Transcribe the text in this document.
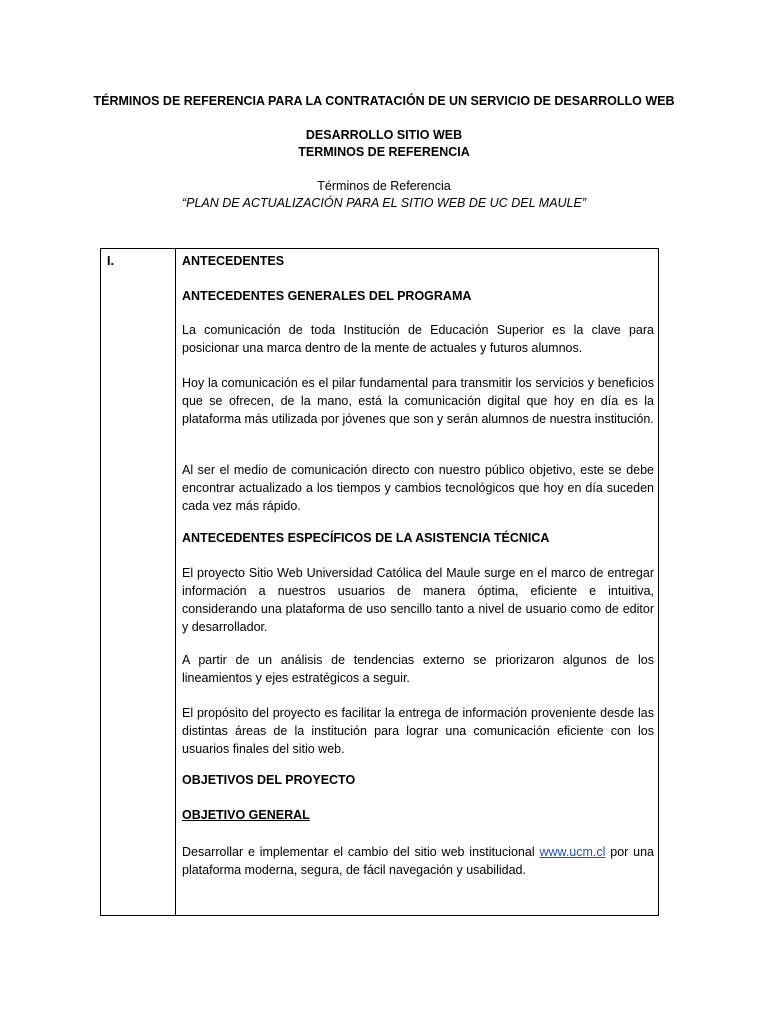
TÉRMINOS DE REFERENCIA PARA LA CONTRATACIÓN DE UN SERVICIO DE DESARROLLO WEB
DESARROLLO SITIO WEB
TERMINOS DE REFERENCIA
Términos de Referencia
“PLAN DE ACTUALIZACIÓN PARA EL SITIO WEB DE UC DEL MAULE”
I.	ANTECEDENTES
ANTECEDENTES GENERALES DEL PROGRAMA
La comunicación de toda Institución de Educación Superior es la clave para posicionar una marca dentro de la mente de actuales y futuros alumnos.
Hoy la comunicación es el pilar fundamental para transmitir los servicios y beneficios que se ofrecen, de la mano, está la comunicación digital que hoy en día es la plataforma más utilizada por jóvenes que son y serán alumnos de nuestra institución.
Al ser el medio de comunicación directo con nuestro público objetivo, este se debe encontrar actualizado a los tiempos y cambios tecnológicos que hoy en día suceden cada vez más rápido.
ANTECEDENTES ESPECÍFICOS DE LA ASISTENCIA TÉCNICA
El proyecto Sitio Web Universidad Católica del Maule surge en el marco de entregar información a nuestros usuarios de manera óptima, eficiente e intuitiva, considerando una plataforma de uso sencillo tanto a nivel de usuario como de editor y desarrollador.
A partir de un análisis de tendencias externo se priorizaron algunos de los lineamientos y ejes estratégicos a seguir.
El propósito del proyecto es facilitar la entrega de información proveniente desde las distintas áreas de la institución para lograr una comunicación eficiente con los usuarios finales del sitio web.
OBJETIVOS DEL PROYECTO
OBJETIVO GENERAL
Desarrollar e implementar el cambio del sitio web institucional www.ucm.cl por una plataforma moderna, segura, de fácil navegación y usabilidad.
